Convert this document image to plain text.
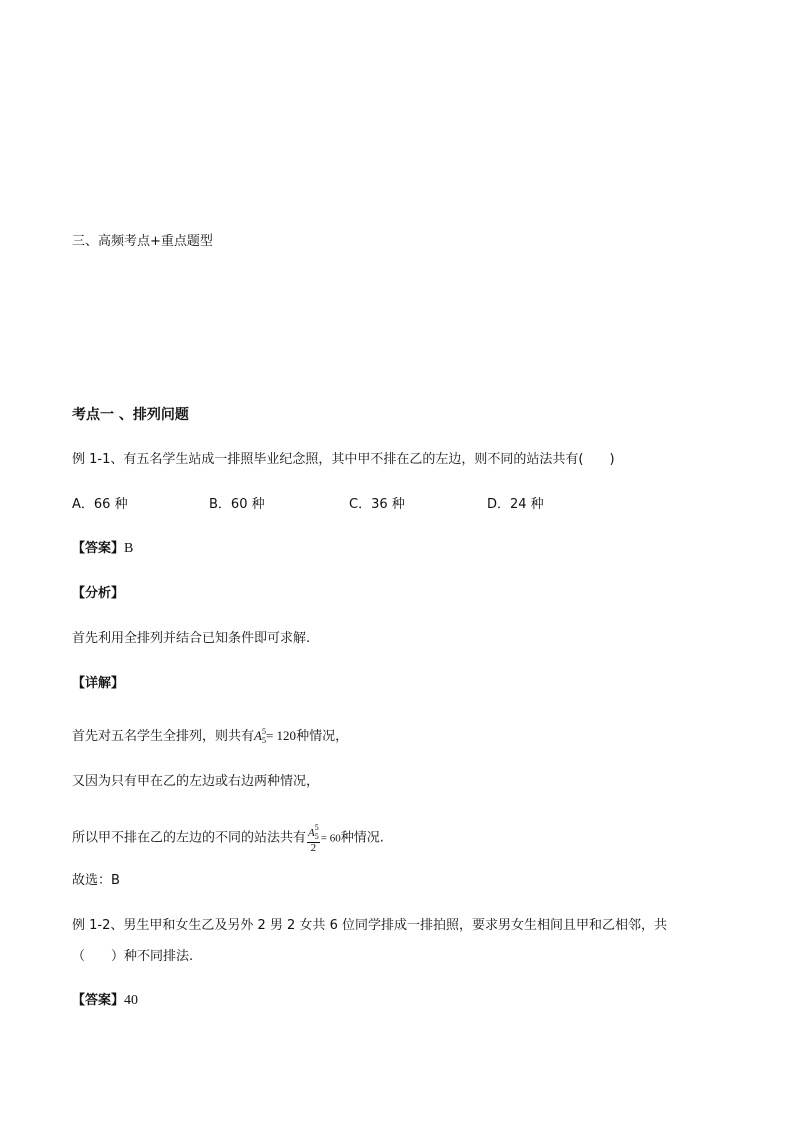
三、高频考点+重点题型
考点一 、排列问题
例 1-1、有五名学生站成一排照毕业纪念照，其中甲不排在乙的左边，则不同的站法共有(　　)
A．66 种	B．60 种	C．36 种	D．24 种
【答案】B
【分析】
首先利用全排列并结合已知条件即可求解.
【详解】
首先对五名学生全排列，则共有$A^5_5= 120$种情况，
又因为只有甲在乙的左边或右边两种情况，
所以甲不排在乙的左边的不同的站法共有 $\frac{A^5_5}{2} = 60$种情况.
故选：B
例 1-2、男生甲和女生乙及另外 2 男 2 女共 6 位同学排成一排拍照，要求男女生相间且甲和乙相邻，共
（　　）种不同排法.
【答案】40
